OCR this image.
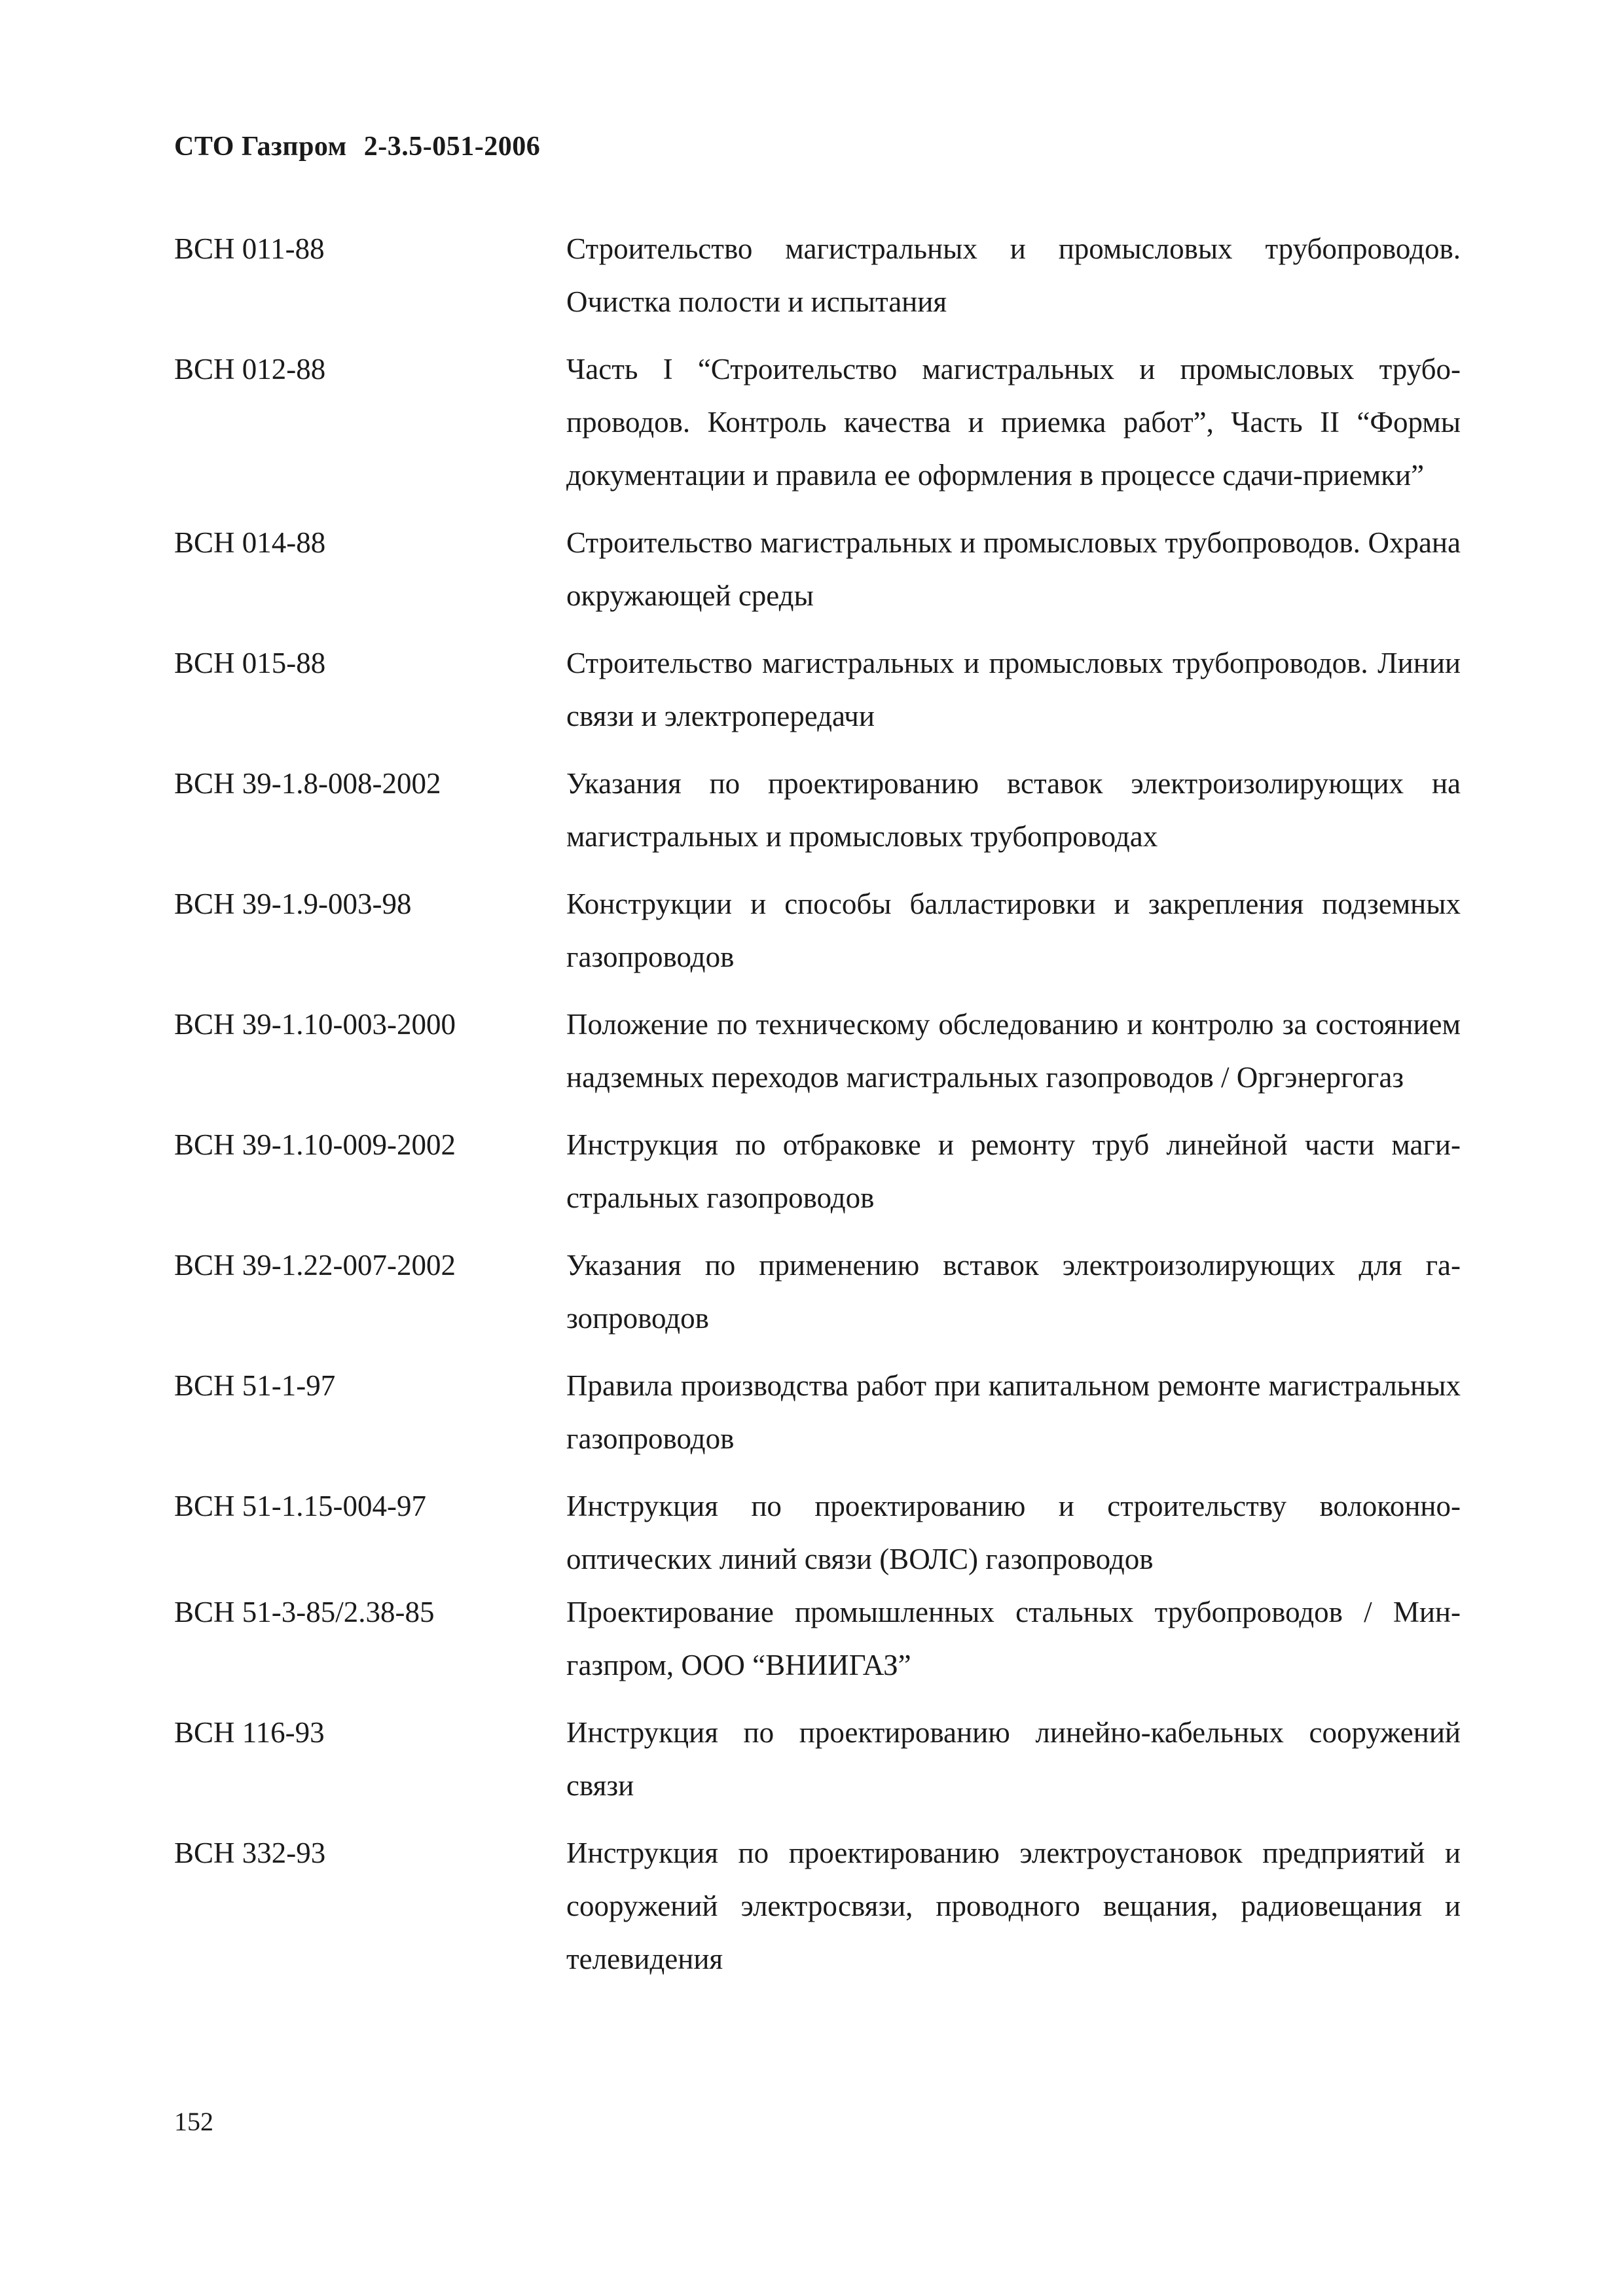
СТО Газпром 2-3.5-051-2006
ВСН 011-88	Строительство магистральных и промысловых трубопроводов. Очистка полости и испытания
ВСН 012-88	Часть I “Строительство магистральных и промысловых трубопроводов. Контроль качества и приемка работ”, Часть II “Формы документации и правила ее оформления в процессе сдачи-приемки”
ВСН 014-88	Строительство магистральных и промысловых трубопроводов. Охрана окружающей среды
ВСН 015-88	Строительство магистральных и промысловых трубопроводов. Линии связи и электропередачи
ВСН 39-1.8-008-2002	Указания по проектированию вставок электроизолирующих на магистральных и промысловых трубопроводах
ВСН 39-1.9-003-98	Конструкции и способы балластировки и закрепления подземных газопроводов
ВСН 39-1.10-003-2000	Положение по техническому обследованию и контролю за состоянием надземных переходов магистральных газопроводов / Оргэнергогаз
ВСН 39-1.10-009-2002	Инструкция по отбраковке и ремонту труб линейной части магистральных газопроводов
ВСН 39-1.22-007-2002	Указания по применению вставок электроизолирующих для газопроводов
ВСН 51-1-97	Правила производства работ при капитальном ремонте магистральных газопроводов
ВСН 51-1.15-004-97	Инструкция по проектированию и строительству волоконно-оптических линий связи (ВОЛС) газопроводов
ВСН 51-3-85/2.38-85	Проектирование промышленных стальных трубопроводов / Мингазпром, ООО “ВНИИГАЗ”
ВСН 116-93	Инструкция по проектированию линейно-кабельных сооружений связи
ВСН 332-93	Инструкция по проектированию электроустановок предприятий и сооружений электросвязи, проводного вещания, радиовещания и телевидения
152
